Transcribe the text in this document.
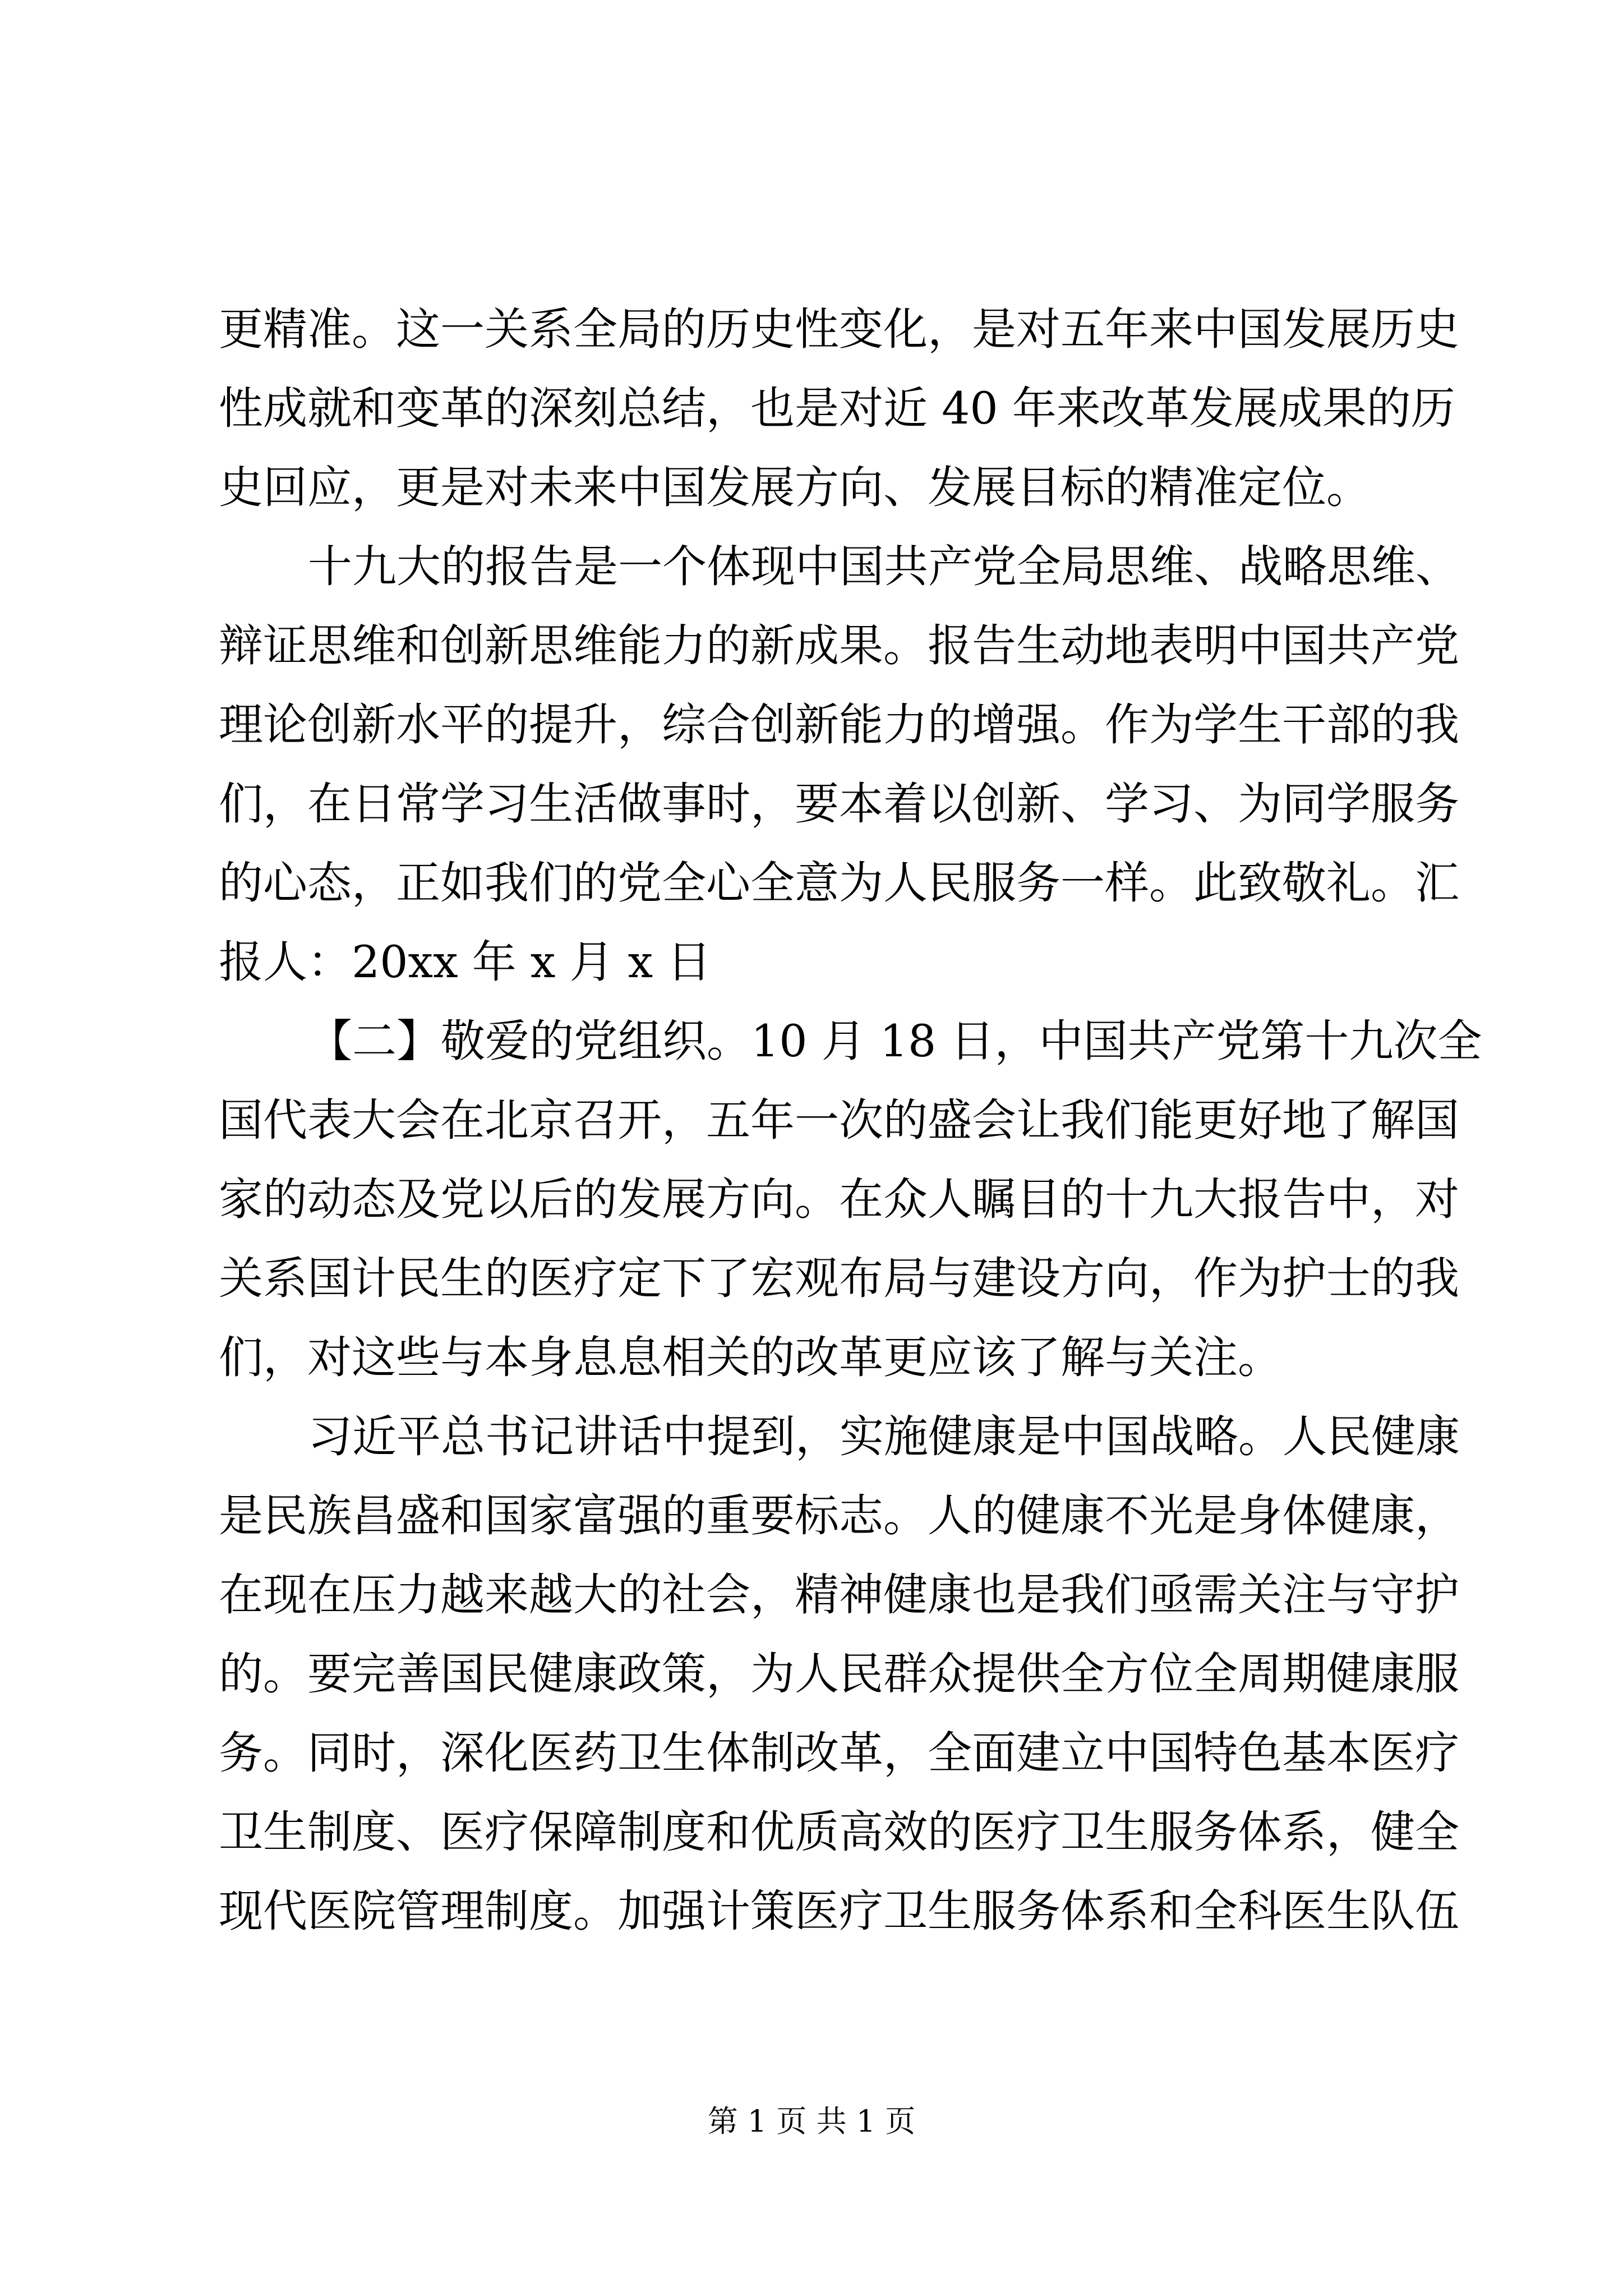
更精准。这一关系全局的历史性变化，是对五年来中国发展历史
性成就和变革的深刻总结，也是对近 40 年来改革发展成果的历
史回应，更是对未来中国发展方向、发展目标的精准定位。
十九大的报告是一个体现中国共产党全局思维、战略思维、
辩证思维和创新思维能力的新成果。报告生动地表明中国共产党
理论创新水平的提升，综合创新能力的增强。作为学生干部的我
们，在日常学习生活做事时，要本着以创新、学习、为同学服务
的心态，正如我们的党全心全意为人民服务一样。此致敬礼。汇
报人：20xx 年 x 月 x 日
【二】敬爱的党组织。10 月 18 日，中国共产党第十九次全
国代表大会在北京召开，五年一次的盛会让我们能更好地了解国
家的动态及党以后的发展方向。在众人瞩目的十九大报告中，对
关系国计民生的医疗定下了宏观布局与建设方向，作为护士的我
们，对这些与本身息息相关的改革更应该了解与关注。
习近平总书记讲话中提到，实施健康是中国战略。人民健康
是民族昌盛和国家富强的重要标志。人的健康不光是身体健康，
在现在压力越来越大的社会，精神健康也是我们亟需关注与守护
的。要完善国民健康政策，为人民群众提供全方位全周期健康服
务。同时，深化医药卫生体制改革，全面建立中国特色基本医疗
卫生制度、医疗保障制度和优质高效的医疗卫生服务体系，健全
现代医院管理制度。加强计策医疗卫生服务体系和全科医生队伍
第 1 页 共 1 页
